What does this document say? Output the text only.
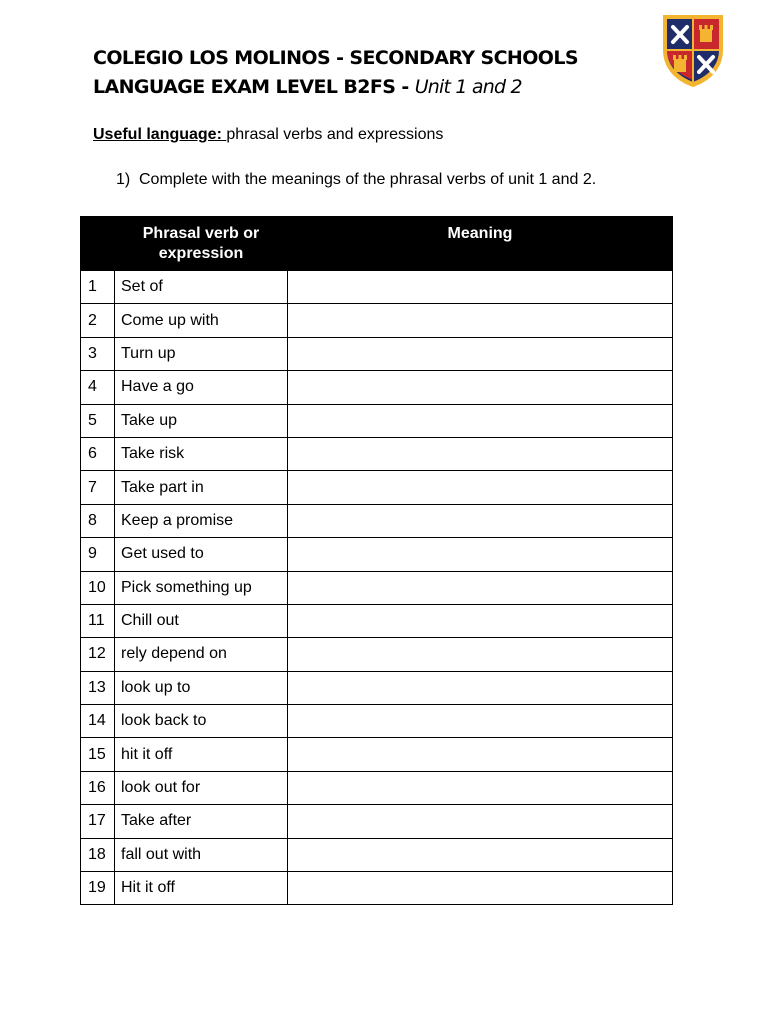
COLEGIO LOS MOLINOS - SECONDARY SCHOOLS
LANGUAGE EXAM LEVEL B2FS - Unit 1 and 2
Useful language: phrasal verbs and expressions
1) Complete with the meanings of the phrasal verbs of unit 1 and 2.
	Phrasal verb or expression	Meaning
1	Set of	
2	Come up with	
3	Turn up	
4	Have a go	
5	Take up	
6	Take risk	
7	Take part in	
8	Keep a promise	
9	Get used to	
10	Pick something up	
11	Chill out	
12	rely depend on	
13	look up to	
14	look back to	
15	hit it off	
16	look out for	
17	Take after	
18	fall out with	
19	Hit it off	
